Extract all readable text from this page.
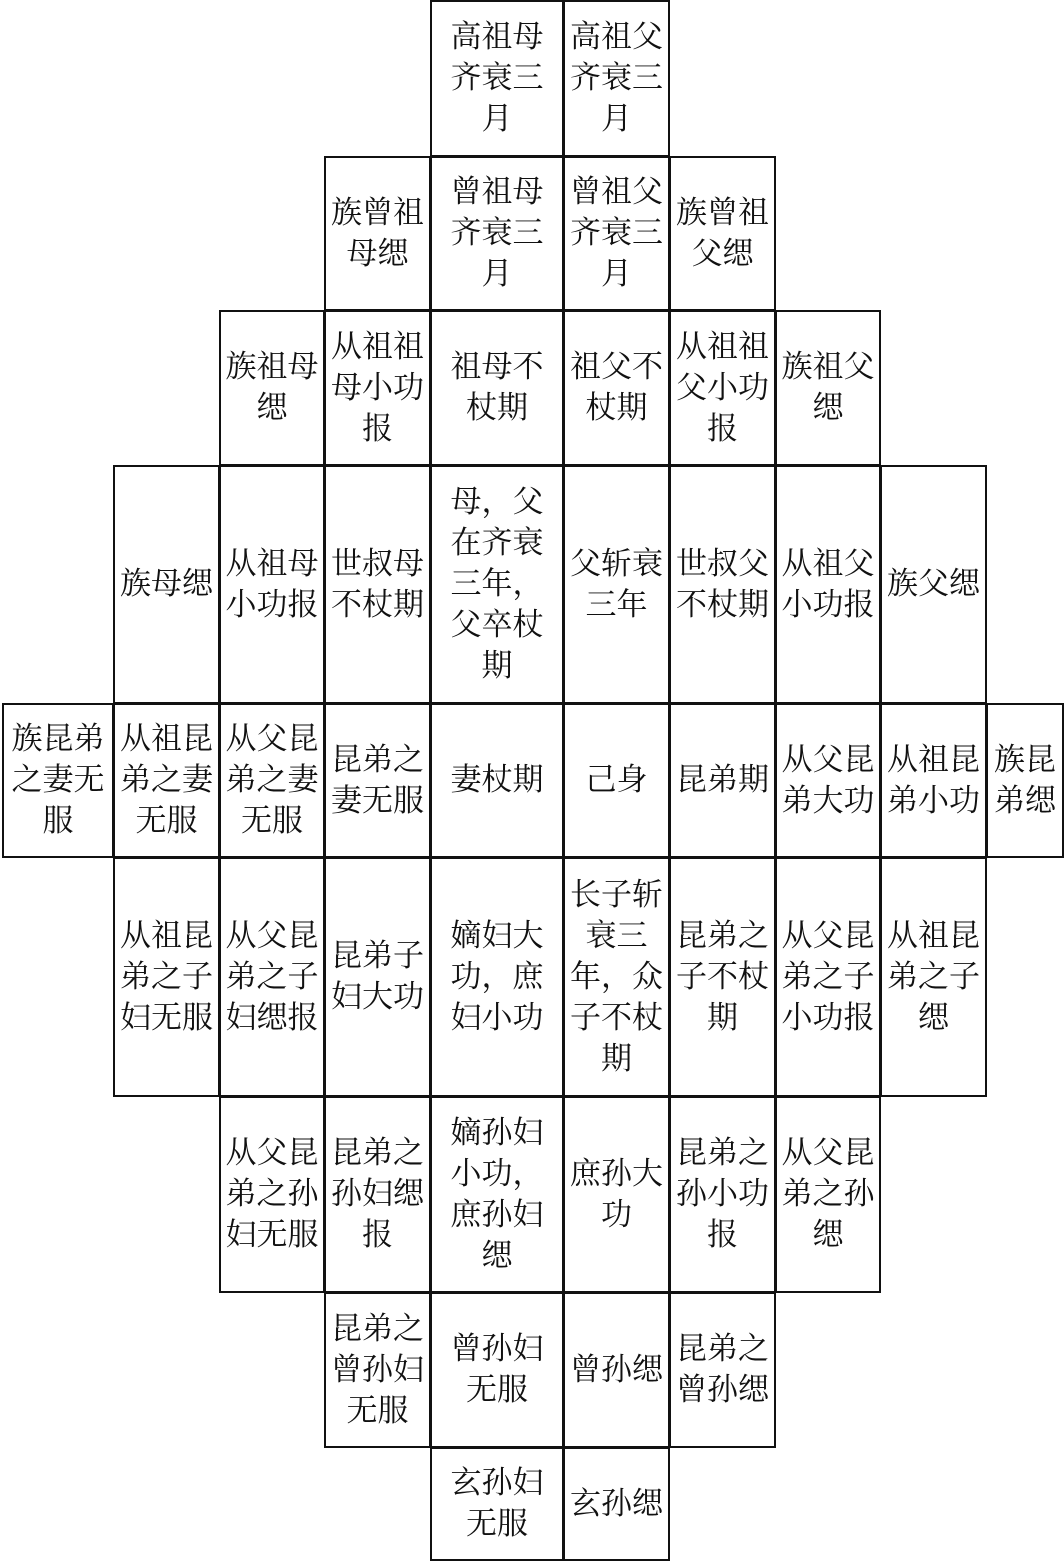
高祖母
齐衰三
月
高祖父
齐衰三
月
族曾祖
母缌
曾祖母
齐衰三
月
曾祖父
齐衰三
月
族曾祖
父缌
族祖母
缌
从祖祖
母小功
报
祖母不
杖期
祖父不
杖期
从祖祖
父小功
报
族祖父
缌
族母缌
从祖母
小功报
世叔母
不杖期
母，父
在齐衰
三年，
父卒杖
期
父斩衰
三年
世叔父
不杖期
从祖父
小功报
族父缌
族昆弟
之妻无
服
从祖昆
弟之妻
无服
从父昆
弟之妻
无服
昆弟之
妻无服
妻杖期 己身 昆弟期
从父昆
弟大功
从祖昆
弟小功
族昆
弟缌
从祖昆
弟之子
妇无服
从父昆
弟之子
妇缌报
昆弟子
妇大功
嫡妇大
功，庶
妇小功
长子斩
衰三
年，众
子不杖
期
昆弟之
子不杖
期
从父昆
弟之子
小功报
从祖昆
弟之子
缌
从父昆
弟之孙
妇无服
昆弟之
孙妇缌
报
嫡孙妇
小功，
庶孙妇
缌
庶孙大
功
昆弟之
孙小功
报
从父昆
弟之孙
缌
昆弟之
曾孙妇
无服
曾孙妇
无服
曾孙缌
昆弟之
曾孙缌
玄孙妇
无服
玄孙缌
